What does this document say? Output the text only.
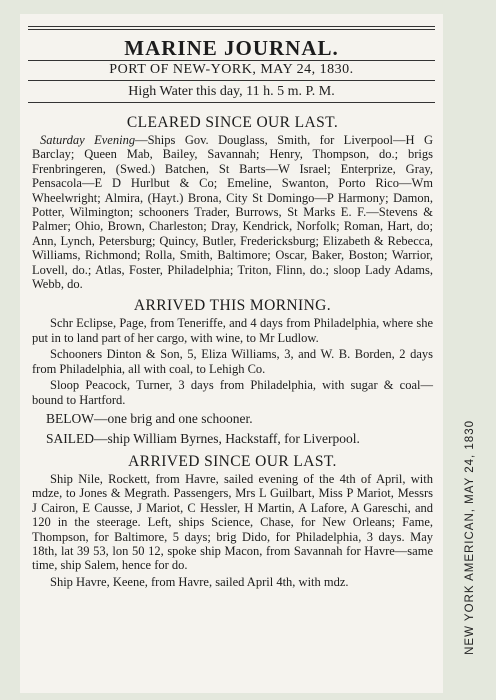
MARINE JOURNAL.
PORT OF NEW-YORK, MAY 24, 1830.
High Water this day, 11 h. 5 m. P. M.
CLEARED SINCE OUR LAST.

Saturday Evening—Ships Gov. Douglass, Smith, for Liverpool—H G Barclay; Queen Mab, Bailey, Savannah; Henry, Thompson, do.; brigs Frenbringeren, (Swed.) Batchen, St Barts—W Israel; Enterprize, Gray, Pensacola—E D Hurlbut & Co; Emeline, Swanton, Porto Rico—Wm Wheelwright; Almira, (Hayt.) Brona, City St Domingo—P Harmony; Damon, Potter, Wilmington; schooners Trader, Burrows, St Marks E. F.—Stevens & Palmer; Ohio, Brown, Charleston; Dray, Kendrick, Norfolk; Roman, Hart, do; Ann, Lynch, Petersburg; Quincy, Butler, Fredericksburg; Elizabeth & Rebecca, Williams, Richmond; Rolla, Smith, Baltimore; Oscar, Baker, Boston; Warrior, Lovell, do.; Atlas, Foster, Philadelphia; Triton, Flinn, do.; sloop Lady Adams, Webb, do.

ARRIVED THIS MORNING.

Schr Eclipse, Page, from Teneriffe, and 4 days from Philadelphia, where she put in to land part of her cargo, with wine, to Mr Ludlow.

Schooners Dinton & Son, 5, Eliza Williams, 3, and W. B. Borden, 2 days from Philadelphia, all with coal, to Lehigh Co.

Sloop Peacock, Turner, 3 days from Philadelphia, with sugar & coal—bound to Hartford.

BELOW—one brig and one schooner.
SAILED—ship William Byrnes, Hackstaff, for Liverpool.
ARRIVED SINCE OUR LAST.

Ship Nile, Rockett, from Havre, sailed evening of the 4th of April, with mdze, to Jones & Megrath. Passengers, Mrs L Guilbart, Miss P Mariot, Messrs J Cairon, E Causse, J Mariot, C Hessler, H Martin, A Lafore, A Gareschi, and 120 in the steerage. Left, ships Science, Chase, for New Orleans; Fame, Thompson, for Baltimore, 5 days; brig Dido, for Philadelphia, 3 days. May 18th, lat 39 53, lon 50 12, spoke ship Macon, from Savannah for Havre—same time, ship Salem, hence for do.

Ship Havre, Keene, from Havre, sailed April 4th, with mdz.	NEW YORK AMERICAN, MAY 24, 1830
